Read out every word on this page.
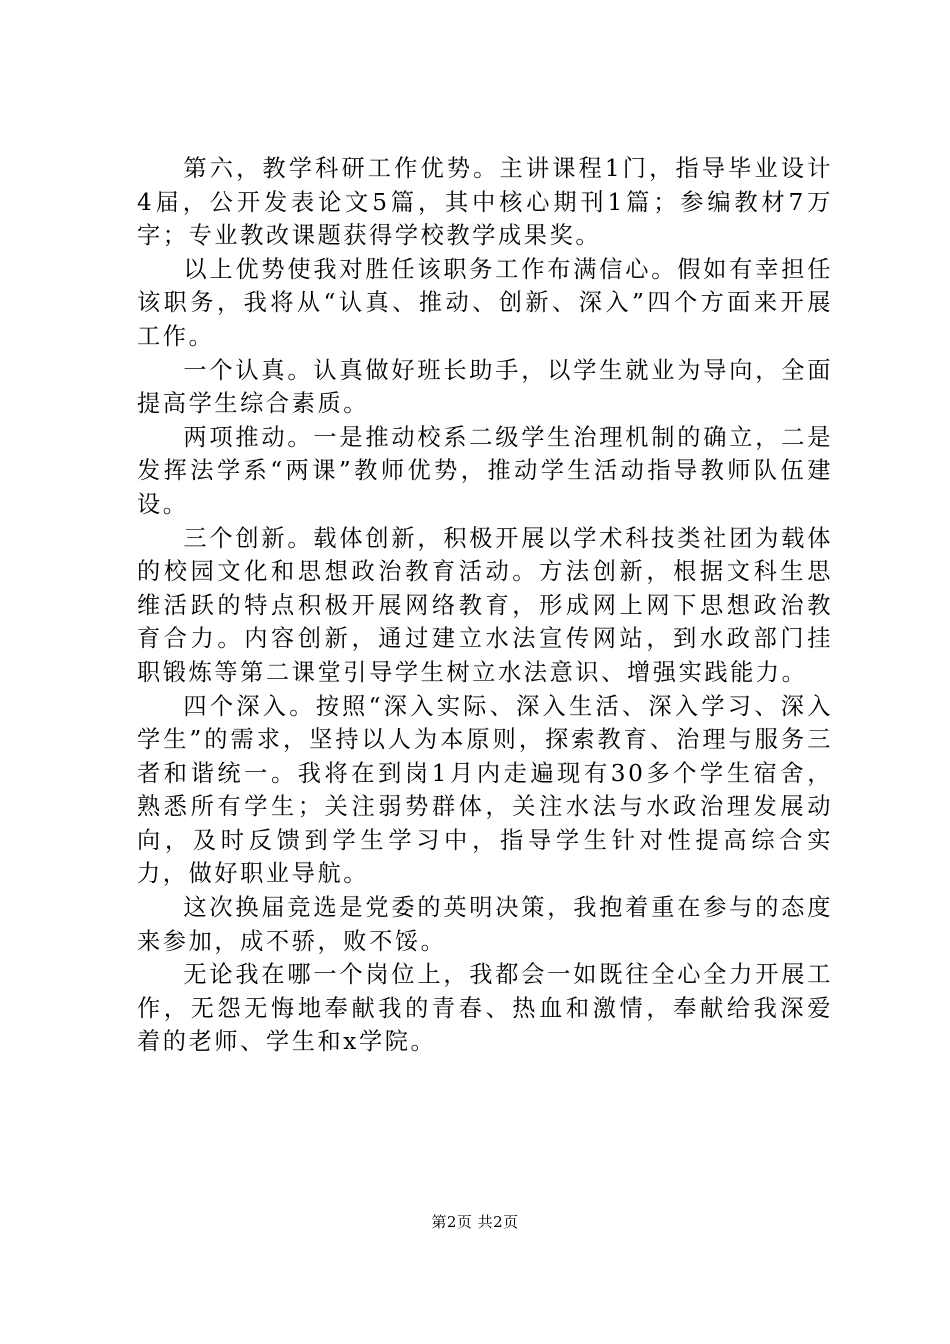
第六，教学科研工作优势。主讲课程1门，指导毕业设计4届，公开发表论文5篇，其中核心期刊1篇；参编教材7万字；专业教改课题获得学校教学成果奖。

以上优势使我对胜任该职务工作布满信心。假如有幸担任该职务，我将从“认真、推动、创新、深入”四个方面来开展工作。

一个认真。认真做好班长助手，以学生就业为导向，全面提高学生综合素质。

两项推动。一是推动校系二级学生治理机制的确立，二是发挥法学系“两课”教师优势，推动学生活动指导教师队伍建设。

三个创新。载体创新，积极开展以学术科技类社团为载体的校园文化和思想政治教育活动。方法创新，根据文科生思维活跃的特点积极开展网络教育，形成网上网下思想政治教育合力。内容创新，通过建立水法宣传网站，到水政部门挂职锻炼等第二课堂引导学生树立水法意识、增强实践能力。

四个深入。按照“深入实际、深入生活、深入学习、深入学生”的需求，坚持以人为本原则，探索教育、治理与服务三者和谐统一。我将在到岗1月内走遍现有30多个学生宿舍，熟悉所有学生；关注弱势群体，关注水法与水政治理发展动向，及时反馈到学生学习中，指导学生针对性提高综合实力，做好职业导航。

这次换届竞选是党委的英明决策，我抱着重在参与的态度来参加，成不骄，败不馁。

无论我在哪一个岗位上，我都会一如既往全心全力开展工作，无怨无悔地奉献我的青春、热血和激情，奉献给我深爱着的老师、学生和x学院。

第2页 共2页
